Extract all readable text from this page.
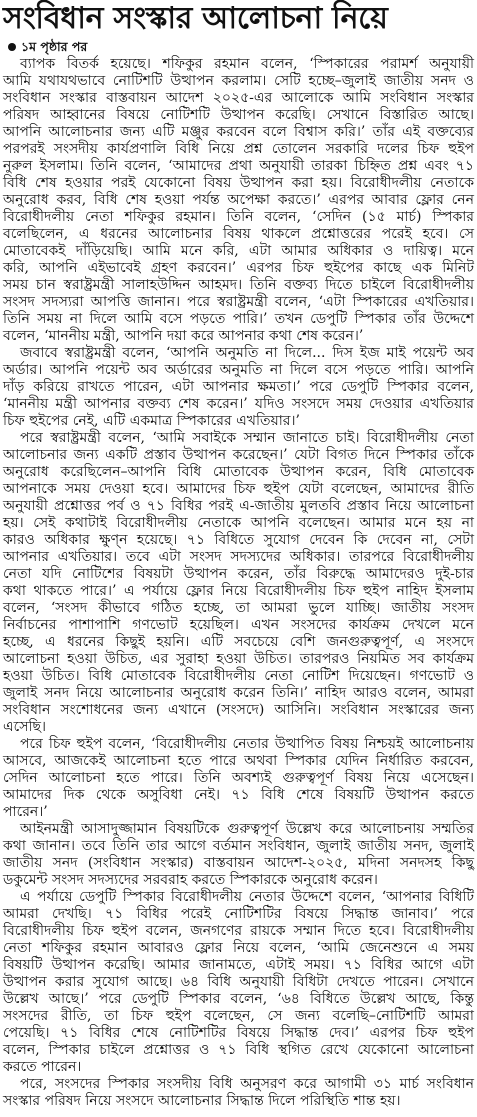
সংবিধান সংস্কার আলোচনা নিয়ে
১ম পৃষ্ঠার পর
ব্যাপক বিতর্ক হয়েছে। শফিকুর রহমান বলেন, ‘স্পিকারের পরামর্শ অনুযায়ী
আমি যথাযথভাবে নোটিশটি উত্থাপন করলাম। সেটি হচ্ছে–জুলাই জাতীয় সনদ ও
সংবিধান সংস্কার বাস্তবায়ন আদেশ ২০২৫-এর আলোকে আমি সংবিধান সংস্কার
পরিষদ আহ্বানের বিষয়ে নোটিশটি উত্থাপন করেছি। সেখানে বিস্তারিত আছে।
আপনি আলোচনার জন্য এটি মঞ্জুর করবেন বলে বিশ্বাস করি।’ তাঁর এই বক্তব্যের
পরপরই সংসদীয় কার্যপ্রণালি বিধি নিয়ে প্রশ্ন তোলেন সরকারি দলের চিফ হুইপ
নুরুল ইসলাম। তিনি বলেন, ‘আমাদের প্রথা অনুযায়ী তারকা চিহ্নিত প্রশ্ন এবং ৭১
বিধি শেষ হওয়ার পরই যেকোনো বিষয় উত্থাপন করা হয়। বিরোধীদলীয় নেতাকে
অনুরোধ করব, বিধি শেষ হওয়া পর্যন্ত অপেক্ষা করতে।’ এরপর আবার ফ্লোর নেন
বিরোধীদলীয় নেতা শফিকুর রহমান। তিনি বলেন, ‘সেদিন (১৫ মার্চ) স্পিকার
বলেছিলেন, এ ধরনের আলোচনার বিষয় থাকলে প্রশ্নোত্তরের পরেই হবে। সে
মোতাবেকই দাঁড়িয়েছি। আমি মনে করি, এটা আমার অধিকার ও দায়িত্ব। মনে
করি, আপনি এইভাবেই গ্রহণ করবেন।’ এরপর চিফ হুইপের কাছে এক মিনিট
সময় চান স্বরাষ্ট্রমন্ত্রী সালাহউদ্দিন আহমদ। তিনি বক্তব্য দিতে চাইলে বিরোধীদলীয়
সংসদ সদস্যরা আপত্তি জানান। পরে স্বরাষ্ট্রমন্ত্রী বলেন, ‘এটা স্পিকারের এখতিয়ার।
তিনি সময় না দিলে আমি বসে পড়তে পারি।’ তখন ডেপুটি স্পিকার তাঁর উদ্দেশে
বলেন, ‘মাননীয় মন্ত্রী, আপনি দয়া করে আপনার কথা শেষ করেন।’
জবাবে স্বরাষ্ট্রমন্ত্রী বলেন, ‘আপনি অনুমতি না দিলে... দিস ইজ মাই পয়েন্ট অব
অর্ডার। আপনি পয়েন্ট অব অর্ডারের অনুমতি না দিলে বসে পড়তে পারি। আপনি
দাঁড় করিয়ে রাখতে পারেন, এটা আপনার ক্ষমতা।’ পরে ডেপুটি স্পিকার বলেন,
‘মাননীয় মন্ত্রী আপনার বক্তব্য শেষ করেন।’ যদিও সংসদে সময় দেওয়ার এখতিয়ার
চিফ হুইপের নেই, এটি একমাত্র স্পিকারের এখতিয়ার।’
পরে স্বরাষ্ট্রমন্ত্রী বলেন, ‘আমি সবাইকে সম্মান জানাতে চাই। বিরোধীদলীয় নেতা
আলোচনার জন্য একটি প্রস্তাব উত্থাপন করেছেন।’ যেটা বিগত দিনে স্পিকার তাঁকে
অনুরোধ করেছিলেন–আপনি বিধি মোতাবেক উত্থাপন করেন, বিধি মোতাবেক
আপনাকে সময় দেওয়া হবে। আমাদের চিফ হুইপ যেটা বলেছেন, আমাদের রীতি
অনুযায়ী প্রশ্নোত্তর পর্ব ও ৭১ বিধির পরই এ-জাতীয় মুলতবি প্রস্তাব নিয়ে আলোচনা
হয়। সেই কথাটাই বিরোধীদলীয় নেতাকে আপনি বলেছেন। আমার মনে হয় না
কারও অধিকার ক্ষুণ্ন হয়েছে। ৭১ বিধিতে সুযোগ দেবেন কি দেবেন না, সেটা
আপনার এখতিয়ার। তবে এটা সংসদ সদস্যদের অধিকার। তারপরে বিরোধীদলীয়
নেতা যদি নোটিশের বিষয়টা উত্থাপন করেন, তাঁর বিরুদ্ধে আমাদেরও দুই-চার
কথা থাকতে পারে।’ এ পর্যায়ে ফ্লোর নিয়ে বিরোধীদলীয় চিফ হুইপ নাহিদ ইসলাম
বলেন, ‘সংসদ কীভাবে গঠিত হচ্ছে, তা আমরা ভুলে যাচ্ছি। জাতীয় সংসদ
নির্বাচনের পাশাপাশি গণভোট হয়েছিল। এখন সংসদের কার্যক্রম দেখলে মনে
হচ্ছে, এ ধরনের কিছুই হয়নি। এটি সবচেয়ে বেশি জনগুরুত্বপূর্ণ, এ সংসদে
আলোচনা হওয়া উচিত, এর সুরাহা হওয়া উচিত। তারপরও নিয়মিত সব কার্যক্রম
হওয়া উচিত। বিধি মোতাবেক বিরোধীদলীয় নেতা নোটিশ দিয়েছেন। গণভোট ও
জুলাই সনদ নিয়ে আলোচনার অনুরোধ করেন তিনি।’ নাহিদ আরও বলেন, আমরা
সংবিধান সংশোধনের জন্য এখানে (সংসদে) আসিনি। সংবিধান সংস্কারের জন্য
এসেছি।
পরে চিফ হুইপ বলেন, ‘বিরোধীদলীয় নেতার উত্থাপিত বিষয় নিশ্চয়ই আলোচনায়
আসবে, আজকেই আলোচনা হতে পারে অথবা স্পিকার যেদিন নির্ধারিত করবেন,
সেদিন আলোচনা হতে পারে। তিনি অবশ্যই গুরুত্বপূর্ণ বিষয় নিয়ে এসেছেন।
আমাদের দিক থেকে অসুবিধা নেই। ৭১ বিধি শেষে বিষয়টি উত্থাপন করতে
পারেন।’
আইনমন্ত্রী আসাদুজ্জামান বিষয়টিকে গুরুত্বপূর্ণ উল্লেখ করে আলোচনায় সম্মতির
কথা জানান। তবে তিনি তার আগে বর্তমান সংবিধান, জুলাই জাতীয় সনদ, জুলাই
জাতীয় সনদ (সংবিধান সংস্কার) বাস্তবায়ন আদেশ-২০২৫, মদিনা সনদসহ কিছু
ডকুমেন্ট সংসদ সদস্যদের সরবরাহ করতে স্পিকারকে অনুরোধ করেন।
এ পর্যায়ে ডেপুটি স্পিকার বিরোধীদলীয় নেতার উদ্দেশে বলেন, ‘আপনার বিধিটি
আমরা দেখছি। ৭১ বিধির পরেই নোটিশটির বিষয়ে সিদ্ধান্ত জানাব।’ পরে
বিরোধীদলীয় চিফ হুইপ বলেন, জনগণের রায়কে সম্মান দিতে হবে। বিরোধীদলীয়
নেতা শফিকুর রহমান আবারও ফ্লোর নিয়ে বলেন, ‘আমি জেনেশুনে এ সময়
বিষয়টি উত্থাপন করেছি। আমার জানামতে, এটাই সময়। ৭১ বিধির আগে এটা
উত্থাপন করার সুযোগ আছে। ৬৪ বিধি অনুযায়ী বিধিটা দেখতে পারেন। সেখানে
উল্লেখ আছে।’ পরে ডেপুটি স্পিকার বলেন, ‘৬৪ বিধিতে উল্লেখ আছে, কিন্তু
সংসদের রীতি, তা চিফ হুইপ বলেছেন, সে জন্য বলেছি–নোটিশটি আমরা
পেয়েছি। ৭১ বিধির শেষে নোটিশটির বিষয়ে সিদ্ধান্ত দেব।’ এরপর চিফ হুইপ
বলেন, স্পিকার চাইলে প্রশ্নোত্তর ও ৭১ বিধি স্থগিত রেখে যেকোনো আলোচনা
করতে পারেন।
পরে, সংসদের স্পিকার সংসদীয় বিধি অনুসরণ করে আগামী ৩১ মার্চ সংবিধান
সংস্কার পরিষদ নিয়ে সংসদে আলোচনার সিদ্ধান্ত দিলে পরিস্থিতি শান্ত হয়।
